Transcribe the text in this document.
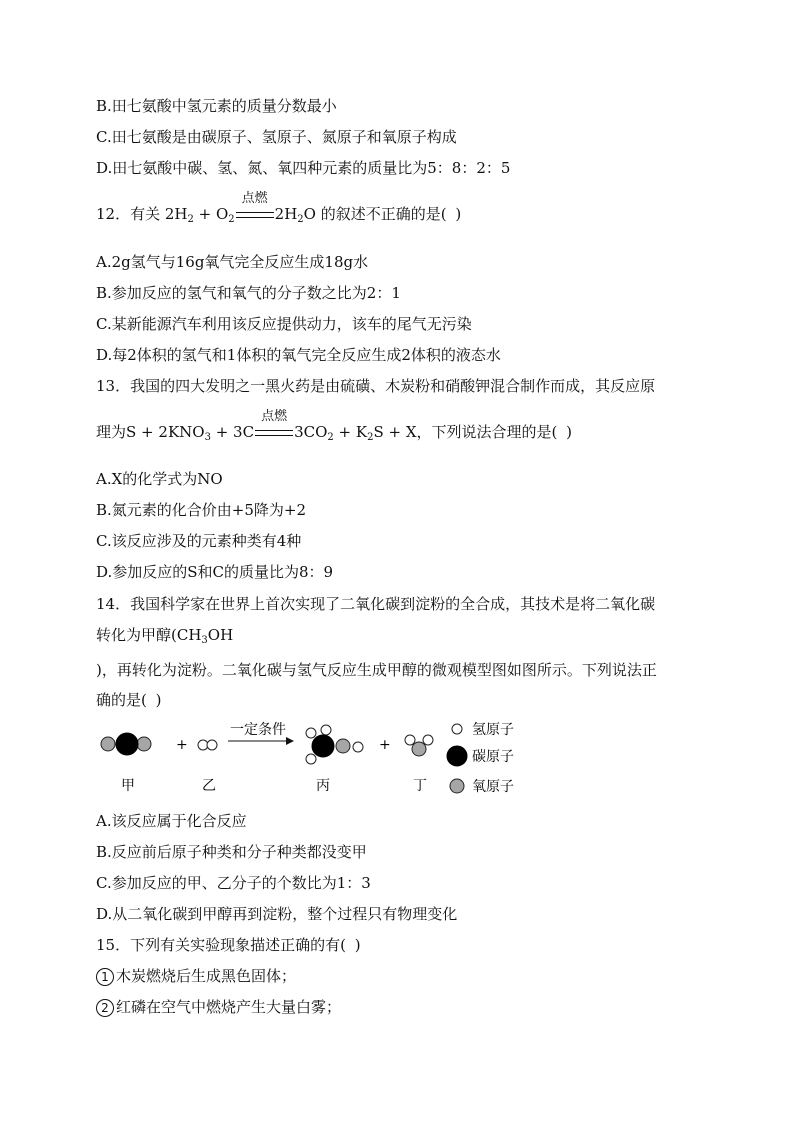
B.田七氨酸中氢元素的质量分数最小
C.田七氨酸是由碳原子、氢原子、氮原子和氧原子构成
D.田七氨酸中碳、氢、氮、氧四种元素的质量比为5：8：2：5
12．有关 $2H_2 + O_2$
点燃
$2H_2O$ 的叙述不正确的是( )
A.2g氢气与16g氧气完全反应生成18g水
B.参加反应的氢气和氧气的分子数之比为2：1
C.某新能源汽车利用该反应提供动力，该车的尾气无污染
D.每2体积的氢气和1体积的氧气完全反应生成2体积的液态水
13．我国的四大发明之一黑火药是由硫磺、木炭粉和硝酸钾混合制作而成，其反应原
理为$S + 2KNO_3 + 3C$
点燃
$3CO_2 + K_2S + X$，下列说法合理的是( )
A.X的化学式为NO
B.氮元素的化合价由+5降为+2
C.该反应涉及的元素种类有4种
D.参加反应的S和C的质量比为8：9
14．我国科学家在世界上首次实现了二氧化碳到淀粉的全合成，其技术是将二氧化碳
转化为甲醇($CH_3OH$
)，再转化为淀粉。二氧化碳与氢气反应生成甲醇的微观模型图如图所示。下列说法正
确的是( )
+
一定条件
+
甲	乙	丙	丁
氢原子
碳原子
氧原子
A.该反应属于化合反应
B.反应前后原子种类和分子种类都没变甲
C.参加反应的甲、乙分子的个数比为1：3
D.从二氧化碳到甲醇再到淀粉，整个过程只有物理变化
15．下列有关实验现象描述正确的有( )
1 木炭燃烧后生成黑色固体；
2 红磷在空气中燃烧产生大量白雾；
